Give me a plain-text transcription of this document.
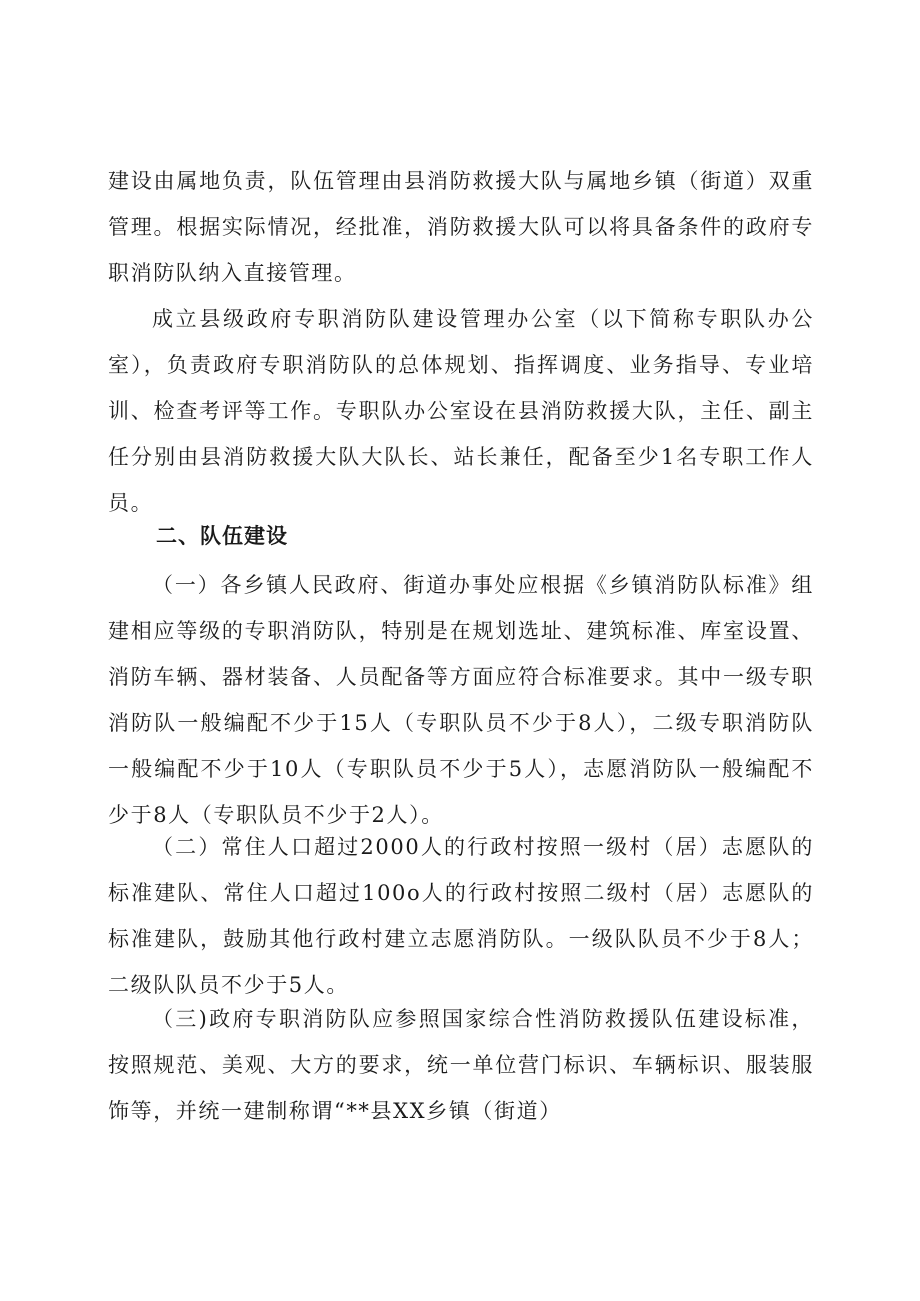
建设由属地负责，队伍管理由县消防救援大队与属地乡镇（街道）双重管理。根据实际情况，经批准，消防救援大队可以将具备条件的政府专职消防队纳入直接管理。

成立县级政府专职消防队建设管理办公室（以下简称专职队办公室），负责政府专职消防队的总体规划、指挥调度、业务指导、专业培训、检查考评等工作。专职队办公室设在县消防救援大队，主任、副主任分别由县消防救援大队大队长、站长兼任，配备至少1名专职工作人员。

二、队伍建设

（一）各乡镇人民政府、街道办事处应根据《乡镇消防队标准》组建相应等级的专职消防队，特别是在规划选址、建筑标准、库室设置、消防车辆、器材装备、人员配备等方面应符合标准要求。其中一级专职消防队一般编配不少于15人（专职队员不少于8人），二级专职消防队一般编配不少于10人（专职队员不少于5人），志愿消防队一般编配不少于8人（专职队员不少于2人）。

（二）常住人口超过2000人的行政村按照一级村（居）志愿队的标准建队、常住人口超过100o人的行政村按照二级村（居）志愿队的标准建队，鼓励其他行政村建立志愿消防队。一级队队员不少于8人；二级队队员不少于5人。

（三)政府专职消防队应参照国家综合性消防救援队伍建设标准，按照规范、美观、大方的要求，统一单位营门标识、车辆标识、服装服饰等，并统一建制称谓“**县XX乡镇（街道）
